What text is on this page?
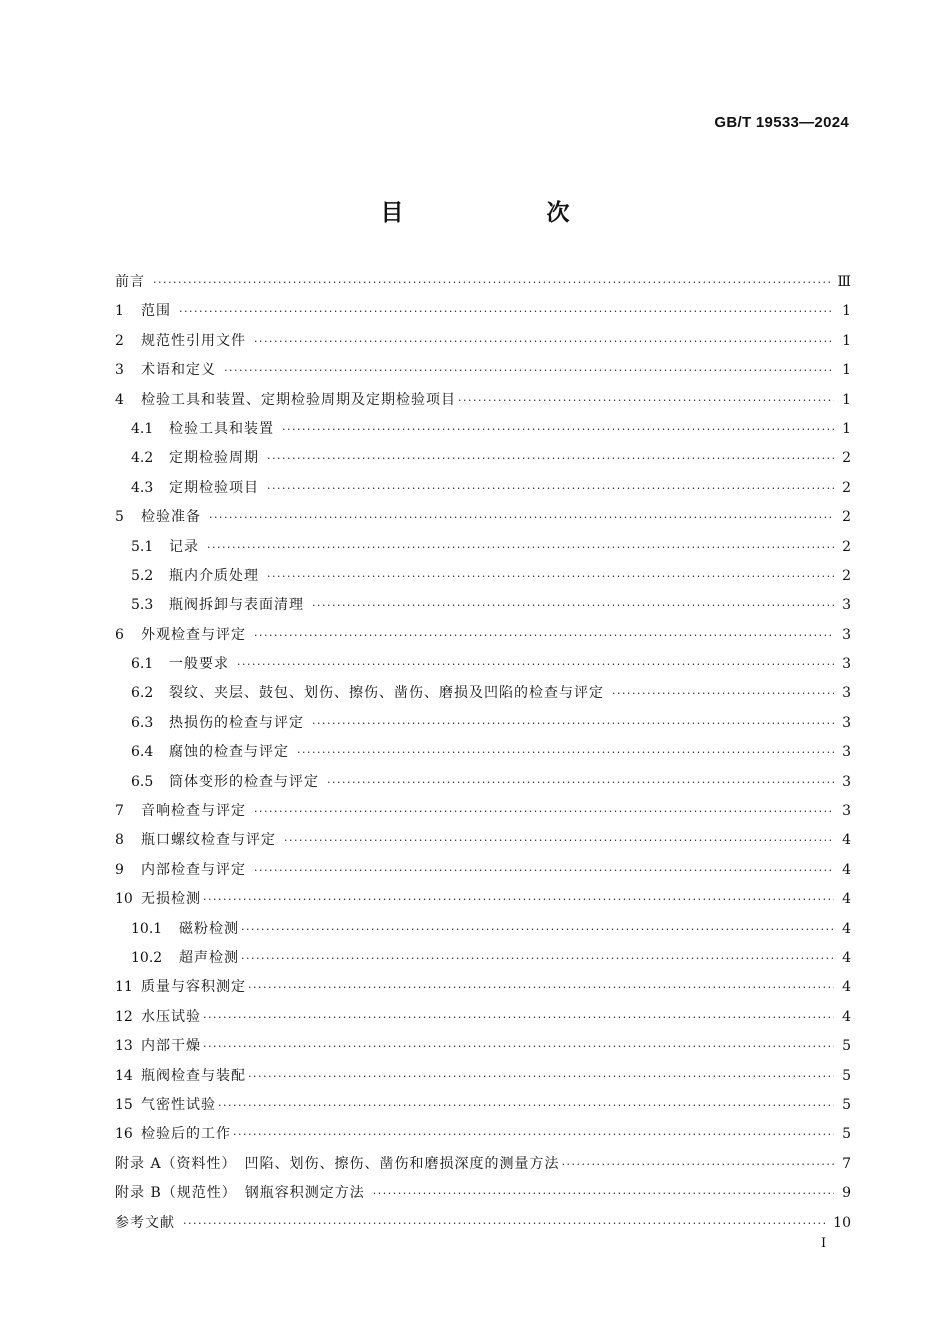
GB/T 19533—2024
目　次
前言 ·····	Ⅲ
1	范围 ·····	1
2	规范性引用文件 ·····	1
3	术语和定义 ·····	1
4	检验工具和装置、定期检验周期及定期检验项目 ·····	1
4.1	检验工具和装置 ·····	1
4.2	定期检验周期 ·····	2
4.3	定期检验项目 ·····	2
5	检验准备 ·····	2
5.1	记录 ·····	2
5.2	瓶内介质处理 ·····	2
5.3	瓶阀拆卸与表面清理 ·····	3
6	外观检查与评定 ·····	3
6.1	一般要求 ·····	3
6.2	裂纹、夹层、鼓包、划伤、擦伤、凿伤、磨损及凹陷的检查与评定 ·····	3
6.3	热损伤的检查与评定 ·····	3
6.4	腐蚀的检查与评定 ·····	3
6.5	筒体变形的检查与评定 ·····	3
7	音响检查与评定 ·····	3
8	瓶口螺纹检查与评定 ·····	4
9	内部检查与评定 ·····	4
10 无损检测 ·····	4
10.1	磁粉检测 ·····	4
10.2	超声检测 ·····	4
11 质量与容积测定 ·····	4
12 水压试验 ·····	4
13 内部干燥 ·····	5
14 瓶阀检查与装配 ·····	5
15 气密性试验 ·····	5
16 检验后的工作 ·····	5
附录 A（资料性）　凹陷、划伤、擦伤、凿伤和磨损深度的测量方法 ·····	7
附录 B（规范性）　钢瓶容积测定方法 ·····	9
参考文献 ·····	10
I
